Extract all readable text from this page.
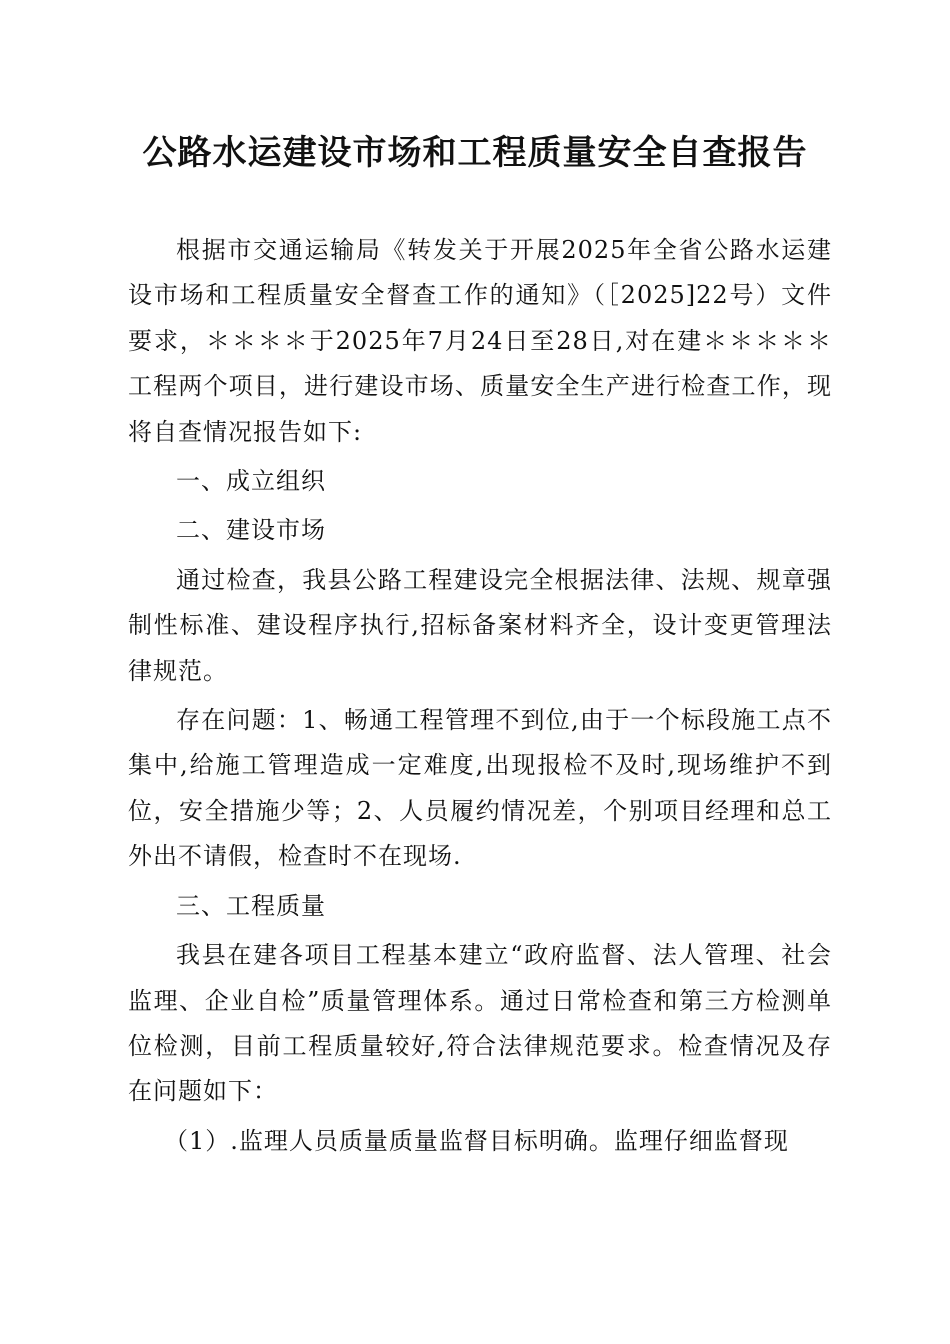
公路水运建设市场和工程质量安全自查报告

根据市交通运输局《转发关于开展2025年全省公路水运建设市场和工程质量安全督查工作的通知》（［2025]22号）文件要求，＊＊＊＊于2025年7月24日至28日,对在建＊＊＊＊＊工程两个项目，进行建设市场、质量安全生产进行检查工作，现将自查情况报告如下:

一、成立组织

二、建设市场

通过检查，我县公路工程建设完全根据法律、法规、规章强制性标准、建设程序执行,招标备案材料齐全，设计变更管理法律规范。

存在问题：1、畅通工程管理不到位,由于一个标段施工点不集中,给施工管理造成一定难度,出现报检不及时,现场维护不到位，安全措施少等；2、人员履约情况差，个别项目经理和总工外出不请假，检查时不在现场.

三、工程质量

我县在建各项目工程基本建立“政府监督、法人管理、社会监理、企业自检”质量管理体系。通过日常检查和第三方检测单位检测，目前工程质量较好,符合法律规范要求。检查情况及存在问题如下：

（1）.监理人员质量质量监督目标明确。监理仔细监督现
